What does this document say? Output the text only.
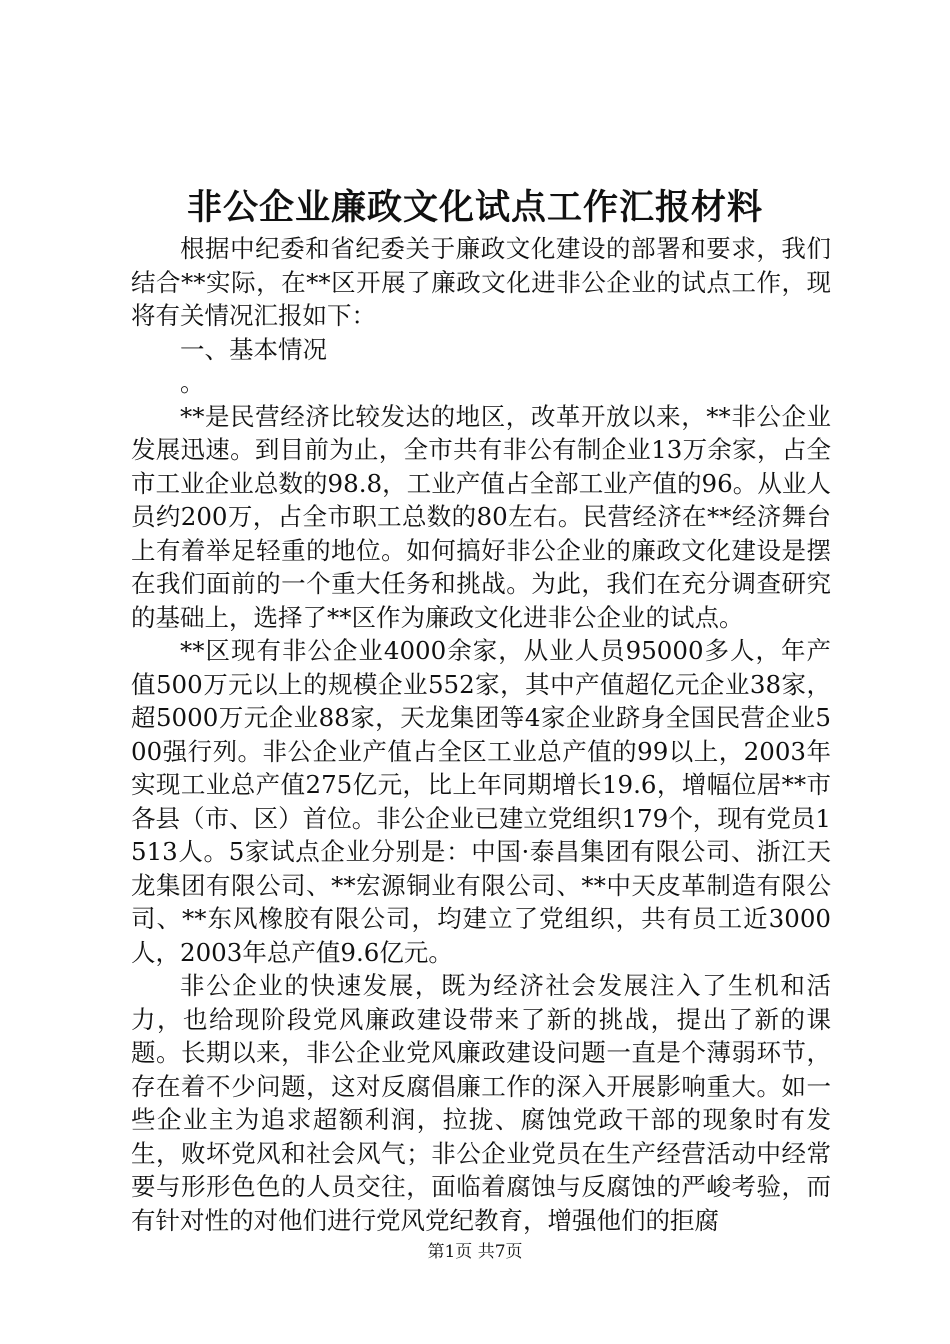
非公企业廉政文化试点工作汇报材料

根据中纪委和省纪委关于廉政文化建设的部署和要求，我们结合**实际，在**区开展了廉政文化进非公企业的试点工作，现将有关情况汇报如下：

一、基本情况

。

**是民营经济比较发达的地区，改革开放以来，**非公企业发展迅速。到目前为止，全市共有非公有制企业13万余家，占全市工业企业总数的98.8，工业产值占全部工业产值的96。从业人员约200万，占全市职工总数的80左右。民营经济在**经济舞台上有着举足轻重的地位。如何搞好非公企业的廉政文化建设是摆在我们面前的一个重大任务和挑战。为此，我们在充分调查研究的基础上，选择了**区作为廉政文化进非公企业的试点。

**区现有非公企业4000余家，从业人员95000多人，年产值500万元以上的规模企业552家，其中产值超亿元企业38家，超5000万元企业88家，天龙集团等4家企业跻身全国民营企业500强行列。非公企业产值占全区工业总产值的99以上，2003年实现工业总产值275亿元，比上年同期增长19.6，增幅位居**市各县（市、区）首位。非公企业已建立党组织179个，现有党员1513人。5家试点企业分别是：中国·泰昌集团有限公司、浙江天龙集团有限公司、**宏源铜业有限公司、**中天皮革制造有限公司、**东风橡胶有限公司，均建立了党组织，共有员工近3000人，2003年总产值9.6亿元。

非公企业的快速发展，既为经济社会发展注入了生机和活力，也给现阶段党风廉政建设带来了新的挑战，提出了新的课题。长期以来，非公企业党风廉政建设问题一直是个薄弱环节，存在着不少问题，这对反腐倡廉工作的深入开展影响重大。如一些企业主为追求超额利润，拉拢、腐蚀党政干部的现象时有发生，败坏党风和社会风气；非公企业党员在生产经营活动中经常要与形形色色的人员交往，面临着腐蚀与反腐蚀的严峻考验，而有针对性的对他们进行党风党纪教育，增强他们的拒腐

第1页 共7页
